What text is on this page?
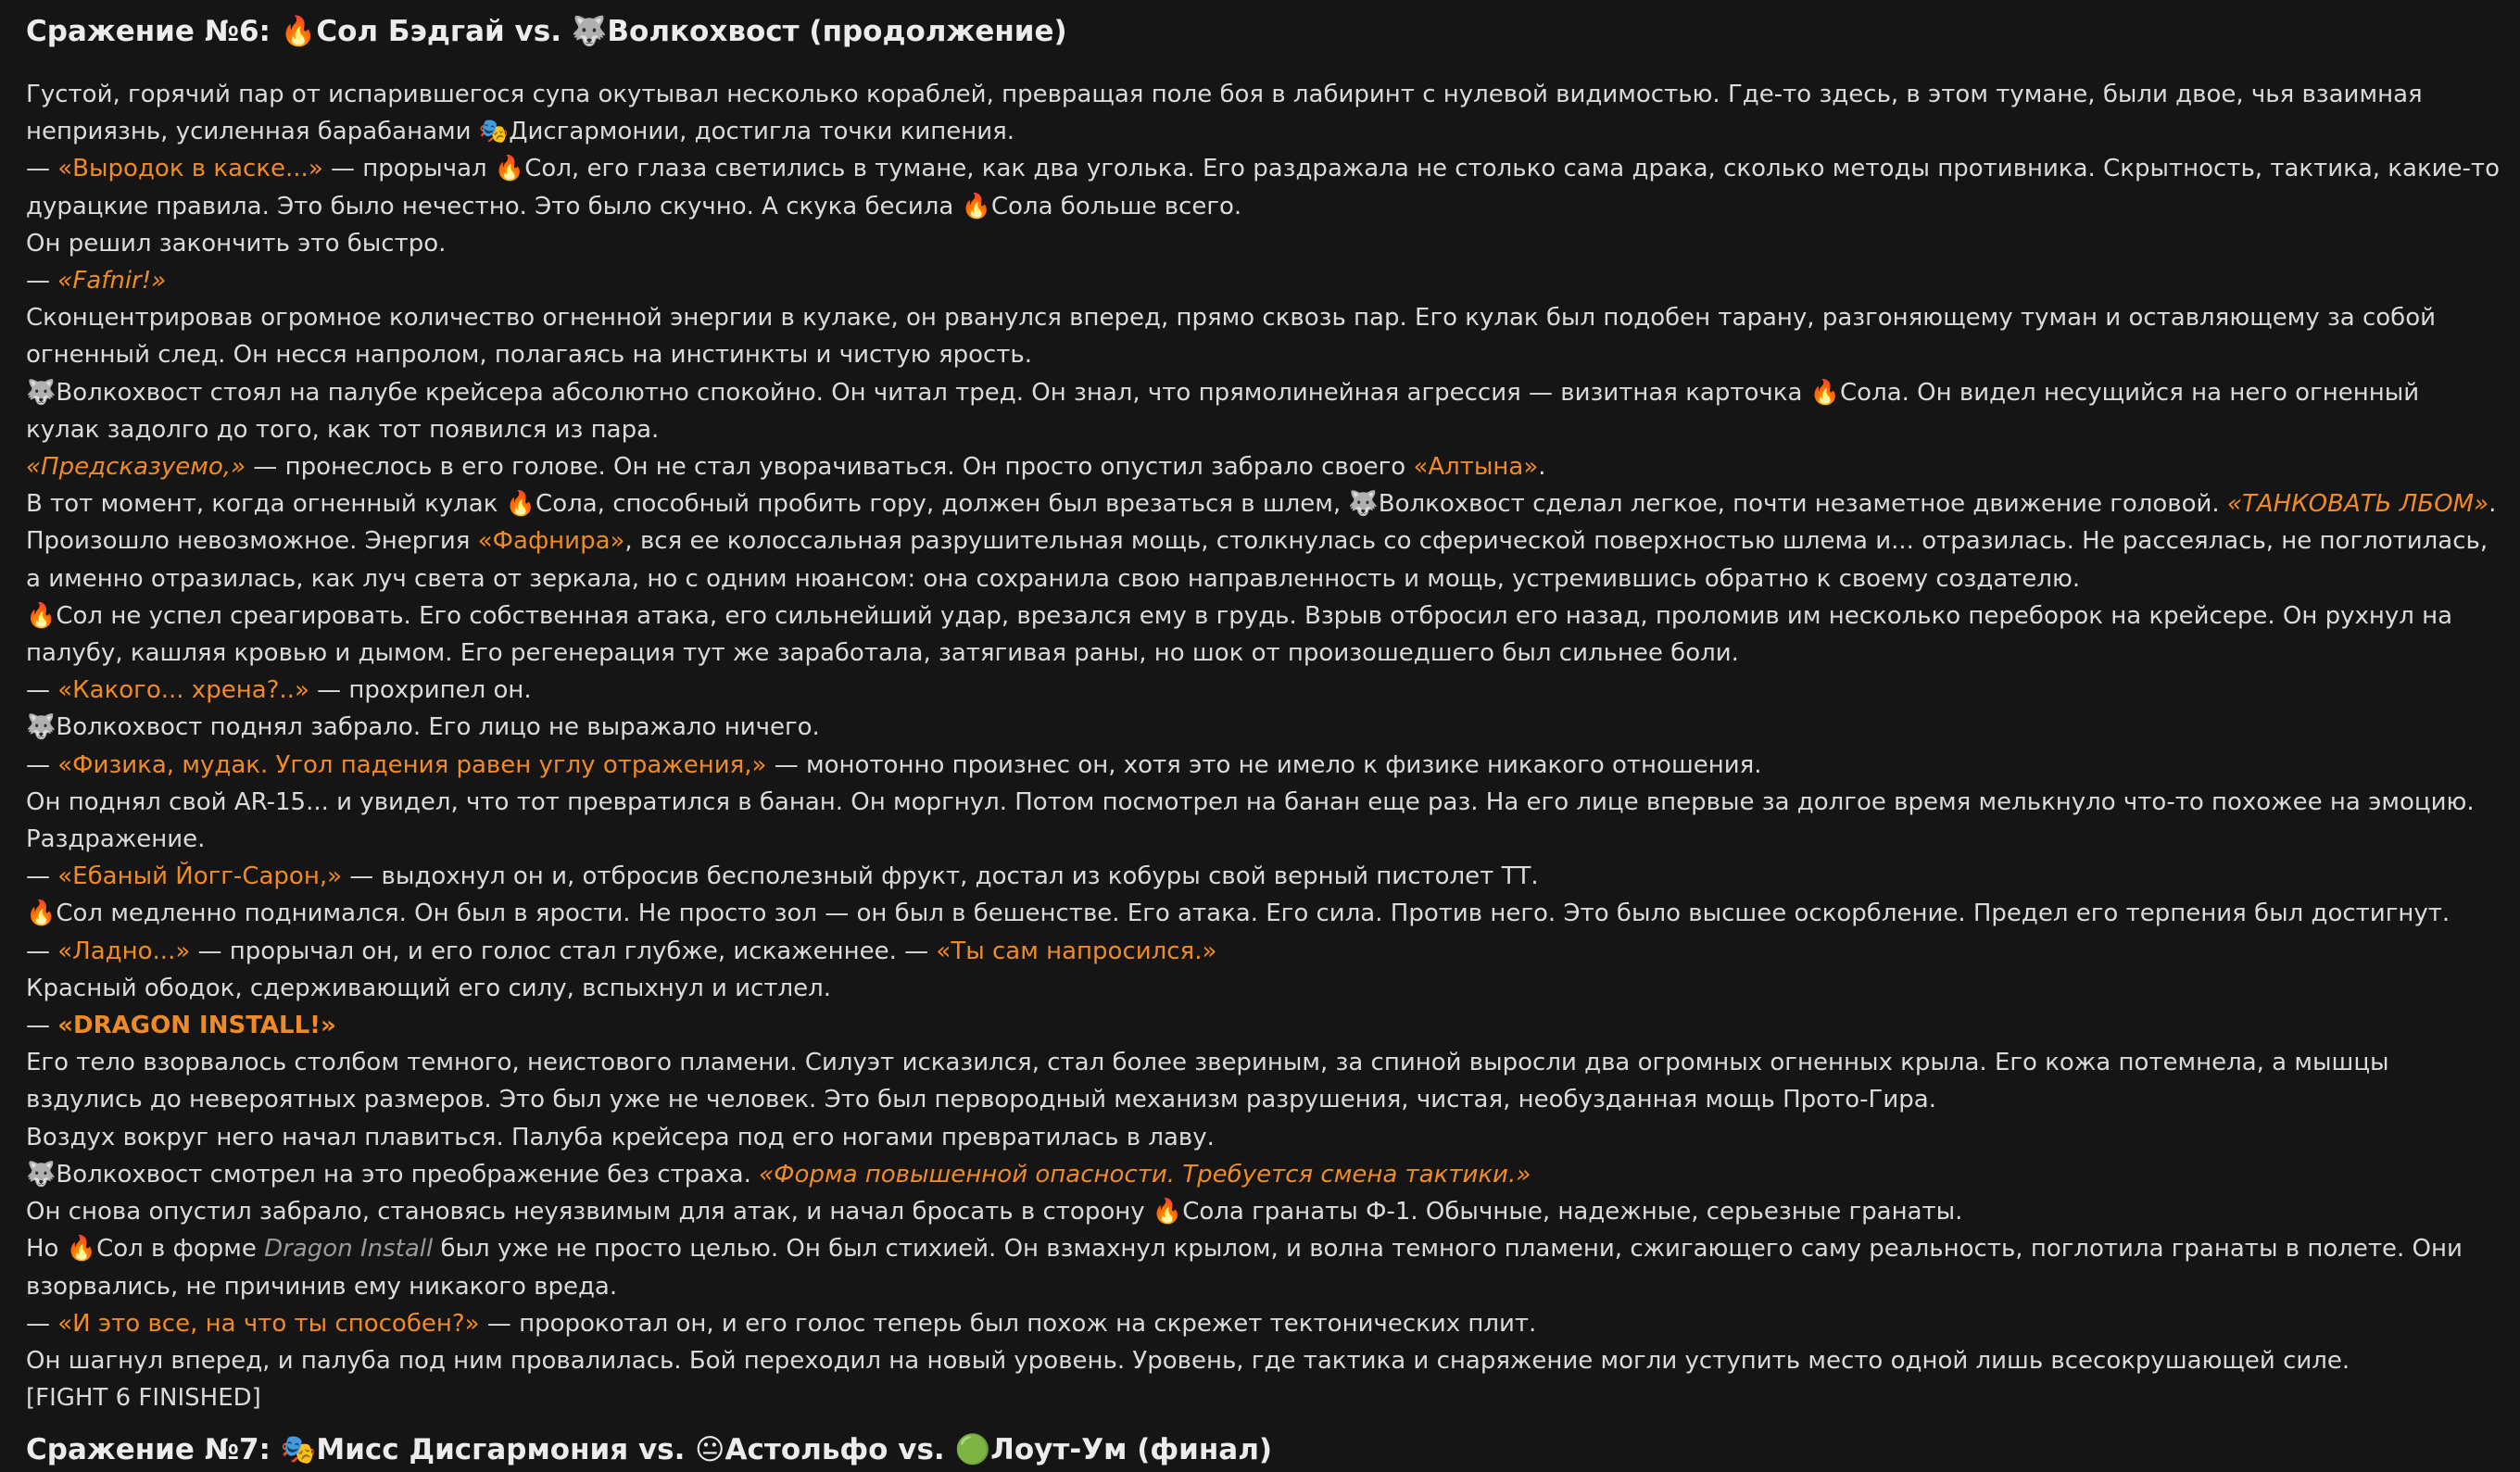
Сражение №6: 🔥Сол Бэдгай vs. 🐺Волкохвост (продолжение)

Густой, горячий пар от испарившегося супа окутывал несколько кораблей, превращая поле боя в лабиринт с нулевой видимостью. Где-то здесь, в этом тумане, были двое, чья взаимная неприязнь, усиленная барабанами 🎭Дисгармонии, достигла точки кипения.

— «Выродок в каске...» — прорычал 🔥Сол, его глаза светились в тумане, как два уголька. Его раздражала не столько сама драка, сколько методы противника. Скрытность, тактика, какие-то дурацкие правила. Это было нечестно. Это было скучно. А скука бесила 🔥Сола больше всего.

Он решил закончить это быстро.

— «Fafnir!»

Сконцентрировав огромное количество огненной энергии в кулаке, он рванулся вперед, прямо сквозь пар. Его кулак был подобен тарану, разгоняющему туман и оставляющему за собой огненный след. Он несся напролом, полагаясь на инстинкты и чистую ярость.

🐺Волкохвост стоял на палубе крейсера абсолютно спокойно. Он читал тред. Он знал, что прямолинейная агрессия — визитная карточка 🔥Сола. Он видел несущийся на него огненный кулак задолго до того, как тот появился из пара.

«Предсказуемо,» — пронеслось в его голове. Он не стал уворачиваться. Он просто опустил забрало своего «Алтына».

В тот момент, когда огненный кулак 🔥Сола, способный пробить гору, должен был врезаться в шлем, 🐺Волкохвост сделал легкое, почти незаметное движение головой. «ТАНКОВАТЬ ЛБОМ».

Произошло невозможное. Энергия «Фафнира», вся ее колоссальная разрушительная мощь, столкнулась со сферической поверхностью шлема и... отразилась. Не рассеялась, не поглотилась, а именно отразилась, как луч света от зеркала, но с одним нюансом: она сохранила свою направленность и мощь, устремившись обратно к своему создателю.

🔥Сол не успел среагировать. Его собственная атака, его сильнейший удар, врезался ему в грудь. Взрыв отбросил его назад, проломив им несколько переборок на крейсере. Он рухнул на палубу, кашляя кровью и дымом. Его регенерация тут же заработала, затягивая раны, но шок от произошедшего был сильнее боли.

— «Какого... хрена?..» — прохрипел он.

🐺Волкохвост поднял забрало. Его лицо не выражало ничего.

— «Физика, мудак. Угол падения равен углу отражения,» — монотонно произнес он, хотя это не имело к физике никакого отношения.

Он поднял свой AR-15... и увидел, что тот превратился в банан. Он моргнул. Потом посмотрел на банан еще раз. На его лице впервые за долгое время мелькнуло что-то похожее на эмоцию. Раздражение.

— «Ебаный Йогг-Сарон,» — выдохнул он и, отбросив бесполезный фрукт, достал из кобуры свой верный пистолет ТТ.

🔥Сол медленно поднимался. Он был в ярости. Не просто зол — он был в бешенстве. Его атака. Его сила. Против него. Это было высшее оскорбление. Предел его терпения был достигнут.

— «Ладно...» — прорычал он, и его голос стал глубже, искаженнее. — «Ты сам напросился.»

Красный ободок, сдерживающий его силу, вспыхнул и истлел.

— «DRAGON INSTALL!»

Его тело взорвалось столбом темного, неистового пламени. Силуэт исказился, стал более звериным, за спиной выросли два огромных огненных крыла. Его кожа потемнела, а мышцы вздулись до невероятных размеров. Это был уже не человек. Это был первородный механизм разрушения, чистая, необузданная мощь Прото-Гира.

Воздух вокруг него начал плавиться. Палуба крейсера под его ногами превратилась в лаву.

🐺Волкохвост смотрел на это преображение без страха. «Форма повышенной опасности. Требуется смена тактики.»

Он снова опустил забрало, становясь неуязвимым для атак, и начал бросать в сторону 🔥Сола гранаты Ф-1. Обычные, надежные, серьезные гранаты.

Но 🔥Сол в форме Dragon Install был уже не просто целью. Он был стихией. Он взмахнул крылом, и волна темного пламени, сжигающего саму реальность, поглотила гранаты в полете. Они взорвались, не причинив ему никакого вреда.

— «И это все, на что ты способен?» — пророкотал он, и его голос теперь был похож на скрежет тектонических плит.

Он шагнул вперед, и палуба под ним провалилась. Бой переходил на новый уровень. Уровень, где тактика и снаряжение могли уступить место одной лишь всесокрушающей силе.

[FIGHT 6 FINISHED]

Сражение №7: 🎭Мисс Дисгармония vs. 😐Астольфо vs. 🟢Лоут-Ум (финал)
